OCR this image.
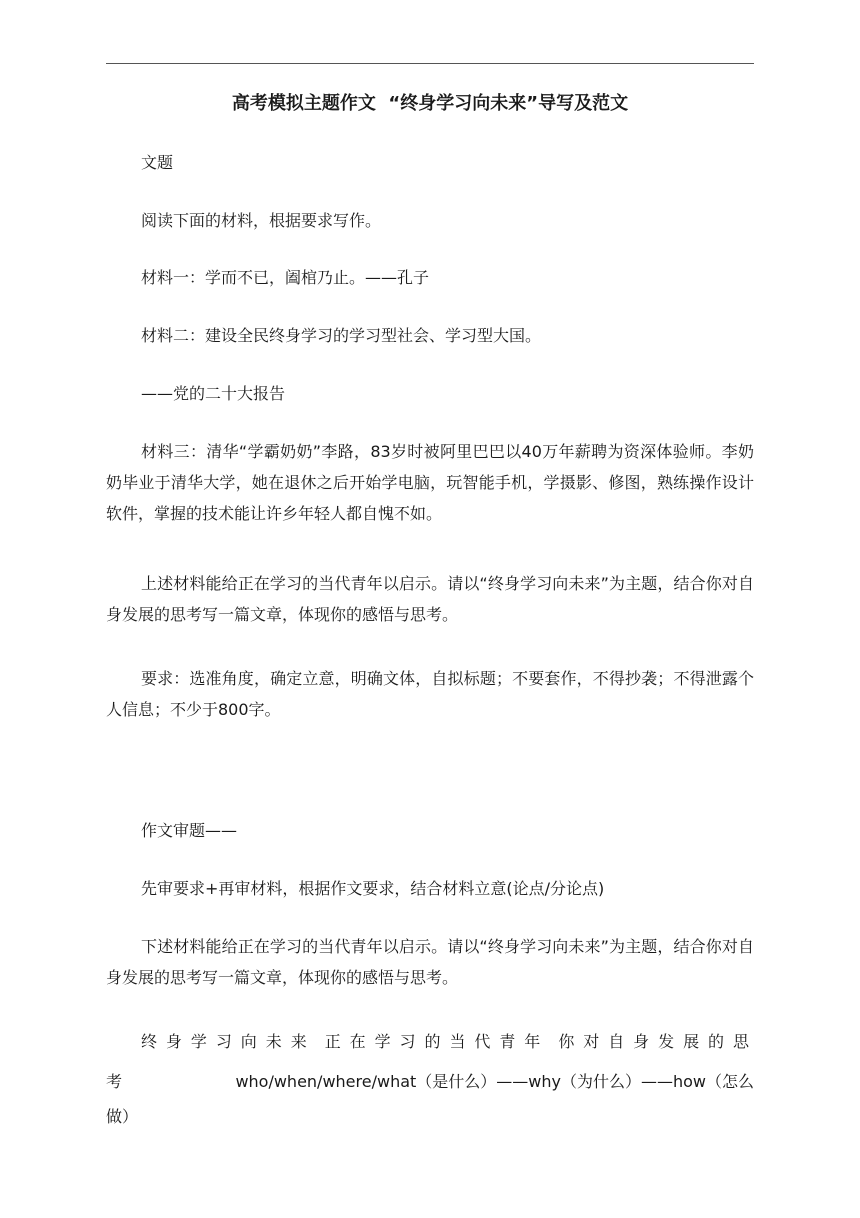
高考模拟主题作文  “终身学习向未来”导写及范文
文题
阅读下面的材料，根据要求写作。
材料一：学而不已，阖棺乃止。——孔子
材料二：建设全民终身学习的学习型社会、学习型大国。
——党的二十大报告
材料三：清华“学霸奶奶”李路，83岁时被阿里巴巴以40万年薪聘为资深体验师。李奶奶毕业于清华大学，她在退休之后开始学电脑，玩智能手机，学摄影、修图，熟练操作设计软件，掌握的技术能让许乡年轻人都自愧不如。
上述材料能给正在学习的当代青年以启示。请以“终身学习向未来”为主题，结合你对自身发展的思考写一篇文章，体现你的感悟与思考。
要求：选准角度，确定立意，明确文体，自拟标题；不要套作，不得抄袭；不得泄露个人信息；不少于800字。
作文审题——
先审要求+再审材料，根据作文要求，结合材料立意(论点/分论点)
下述材料能给正在学习的当代青年以启示。请以“终身学习向未来”为主题，结合你对自身发展的思考写一篇文章，体现你的感悟与思考。
终身学习向未来 正在学习的当代青年 你对自身发展的思
考	who/when/where/what（是什么）——why（为什么）——how（怎么
做）
